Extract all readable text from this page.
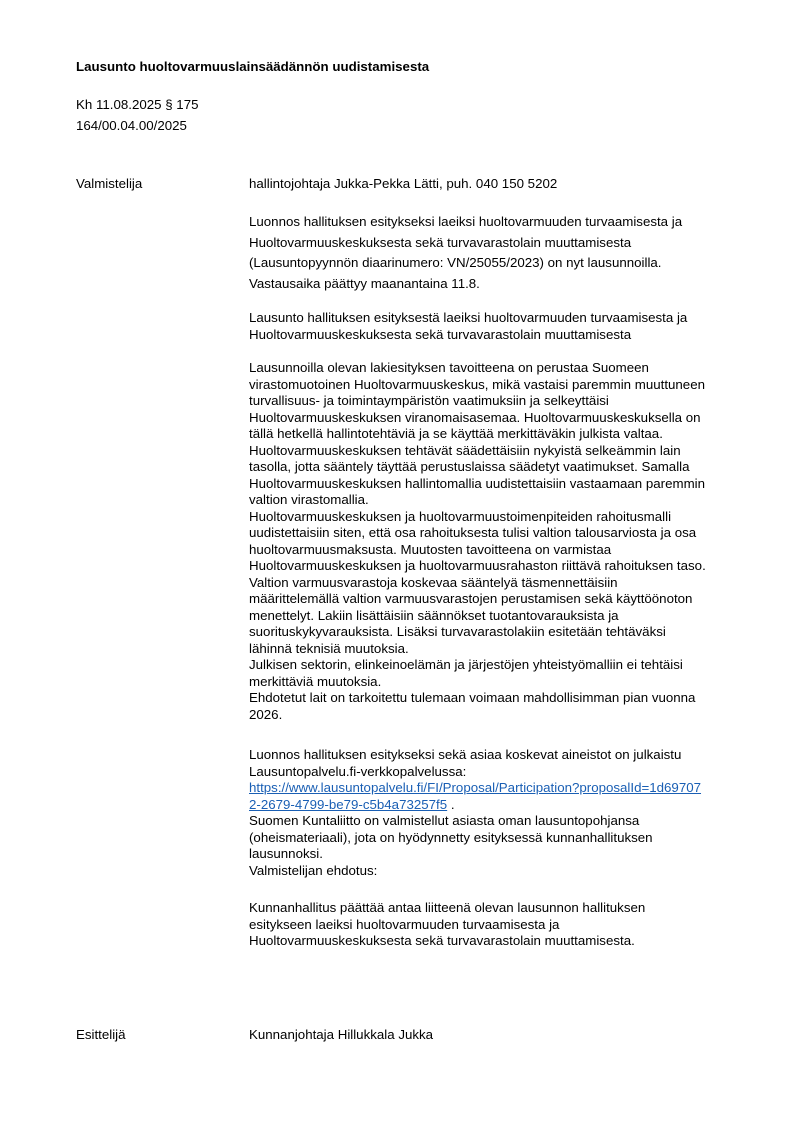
Lausunto huoltovarmuuslainsäädännön uudistamisesta
Kh 11.08.2025 § 175
164/00.04.00/2025
Valmistelija	hallintojohtaja Jukka-Pekka Lätti, puh. 040 150 5202
Luonnos hallituksen esitykseksi laeiksi huoltovarmuuden turvaamisesta ja
Huoltovarmuuskeskuksesta sekä turvavarastolain muuttamisesta
(Lausuntopyynnön diaarinumero: VN/25055/2023) on nyt lausunnoilla.
Vastausaika päättyy maanantaina 11.8.
Lausunto hallituksen esityksestä laeiksi huoltovarmuuden turvaamisesta ja
Huoltovarmuuskeskuksesta sekä turvavarastolain muuttamisesta
Lausunnoilla olevan lakiesityksen tavoitteena on perustaa Suomeen
virastomuotoinen Huoltovarmuuskeskus, mikä vastaisi paremmin muuttuneen
turvallisuus- ja toimintaympäristön vaatimuksiin ja selkeyttäisi
Huoltovarmuuskeskuksen viranomaisasemaa. Huoltovarmuuskeskuksella on
tällä hetkellä hallintotehtäviä ja se käyttää merkittäväkin julkista valtaa.
Huoltovarmuuskeskuksen tehtävät säädettäisiin nykyistä selkeämmin lain
tasolla, jotta sääntely täyttää perustuslaissa säädetyt vaatimukset. Samalla
Huoltovarmuuskeskuksen hallintomallia uudistettaisiin vastaamaan paremmin
valtion virastomallia.
Huoltovarmuuskeskuksen ja huoltovarmuustoimenpiteiden rahoitusmalli
uudistettaisiin siten, että osa rahoituksesta tulisi valtion talousarviosta ja osa
huoltovarmuusmaksusta. Muutosten tavoitteena on varmistaa
Huoltovarmuuskeskuksen ja huoltovarmuusrahaston riittävä rahoituksen taso.
Valtion varmuusvarastoja koskevaa sääntelyä täsmennettäisiin
määrittelemällä valtion varmuusvarastojen perustamisen sekä käyttöönoton
menettelyt. Lakiin lisättäisiin säännökset tuotantovarauksista ja
suorituskykyvarauksista. Lisäksi turvavarastolakiin esitetään tehtäväksi
lähinnä teknisiä muutoksia.
Julkisen sektorin, elinkeinoelämän ja järjestöjen yhteistyömalliin ei tehtäisi
merkittäviä muutoksia.
Ehdotetut lait on tarkoitettu tulemaan voimaan mahdollisimman pian vuonna
2026.
Luonnos hallituksen esitykseksi sekä asiaa koskevat aineistot on julkaistu
Lausuntopalvelu.fi-verkkopalvelussa:
https://www.lausuntopalvelu.fi/FI/Proposal/Participation?proposalId=1d69707
2-2679-4799-be79-c5b4a73257f5 .
Suomen Kuntaliitto on valmistellut asiasta oman lausuntopohjansa
(oheismateriaali), jota on hyödynnetty esityksessä kunnanhallituksen
lausunnoksi.
Valmistelijan ehdotus:
Kunnanhallitus päättää antaa liitteenä olevan lausunnon hallituksen
esitykseen laeiksi huoltovarmuuden turvaamisesta ja
Huoltovarmuuskeskuksesta sekä turvavarastolain muuttamisesta.
Esittelijä	Kunnanjohtaja Hillukkala Jukka
